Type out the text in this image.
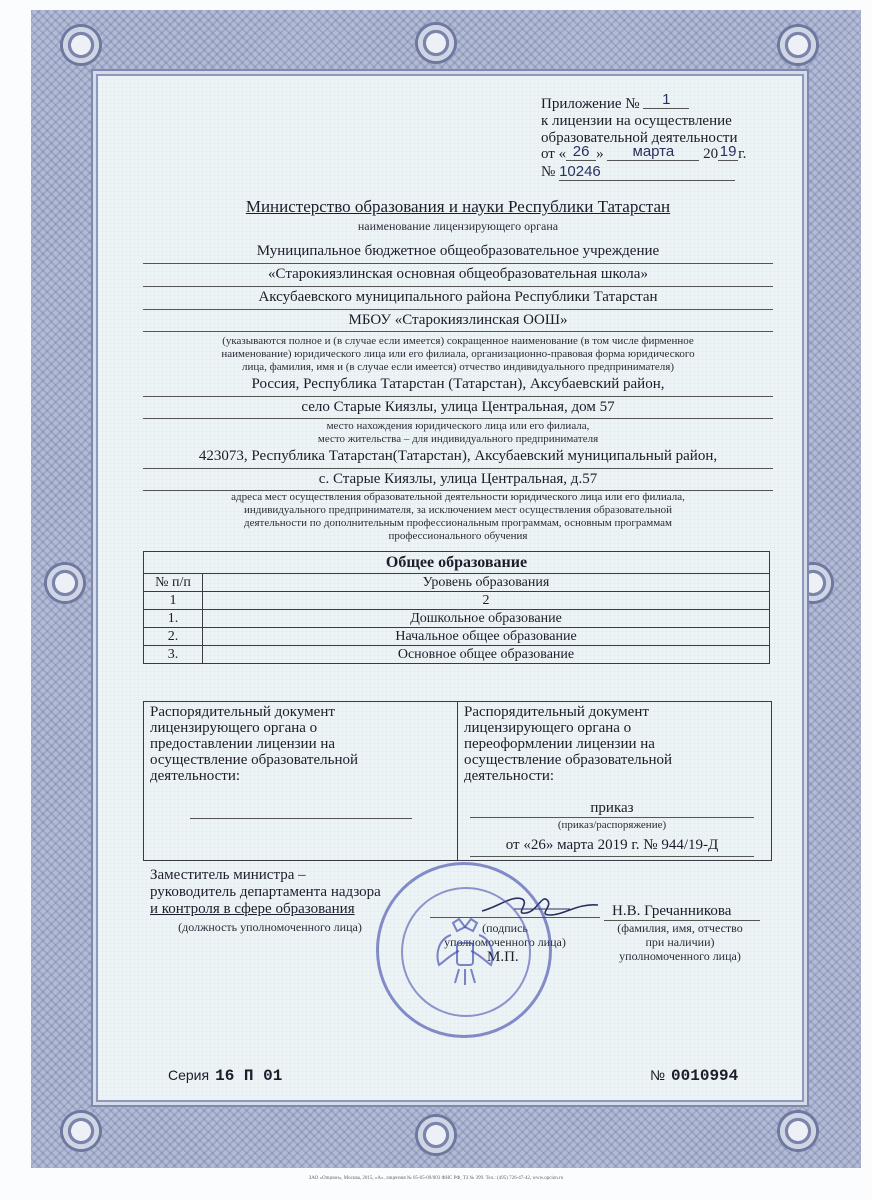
Приложение № 1
к лицензии на осуществление
образовательной деятельности
от « 26 » марта 20 19 г.
№ 10246
Министерство образования и науки Республики Татарстан
наименование лицензирующего органа
Муниципальное бюджетное общеобразовательное учреждение
«Старокиязлинская основная общеобразовательная школа»
Аксубаевского муниципального района Республики Татарстан
МБОУ «Старокиязлинская ООШ»
(указываются полное и (в случае если имеется) сокращенное наименование (в том числе фирменное
наименование) юридического лица или его филиала, организационно-правовая форма юридического
лица, фамилия, имя и (в случае если имеется) отчество индивидуального предпринимателя)
Россия, Республика Татарстан (Татарстан), Аксубаевский район,
село Старые Киязлы, улица Центральная, дом 57
место нахождения юридического лица или его филиала,
место жительства – для индивидуального предпринимателя
423073, Республика Татарстан(Татарстан), Аксубаевский муниципальный район,
с. Старые Киязлы, улица Центральная, д.57
адреса мест осуществления образовательной деятельности юридического лица или его филиала,
индивидуального предпринимателя, за исключением мест осуществления образовательной
деятельности по дополнительным профессиональным программам, основным программам
профессионального обучения
Общее образование	
№ п/п	Уровень образования
1	2
1.	Дошкольное образование
2.	Начальное общее образование
3.	Основное общее образование
Распорядительный документ
лицензирующего органа о
предоставлении лицензии на
осуществление образовательной
деятельности:
Распорядительный документ
лицензирующего органа о
переоформлении лицензии на
осуществление образовательной
деятельности:
приказ
(приказ/распоряжение)
от «26» марта 2019 г. № 944/19-Д
Заместитель министра –
руководитель департамента надзора
и контроля в сфере образования
(должность уполномоченного лица)	(подпись
уполномоченного лица)
М.П.
Н.В. Гречанникова
(фамилия, имя, отчество
при наличии)
уполномоченного лица)
Серия 16 П 01	№ 0010994
ЗАО «Опцион», Москва, 2015, «А», лицензия № 05-05-09/003 ФНС РФ, ТЗ № 399. Тел.: (495) 726-47-42, www.opcion.ru
